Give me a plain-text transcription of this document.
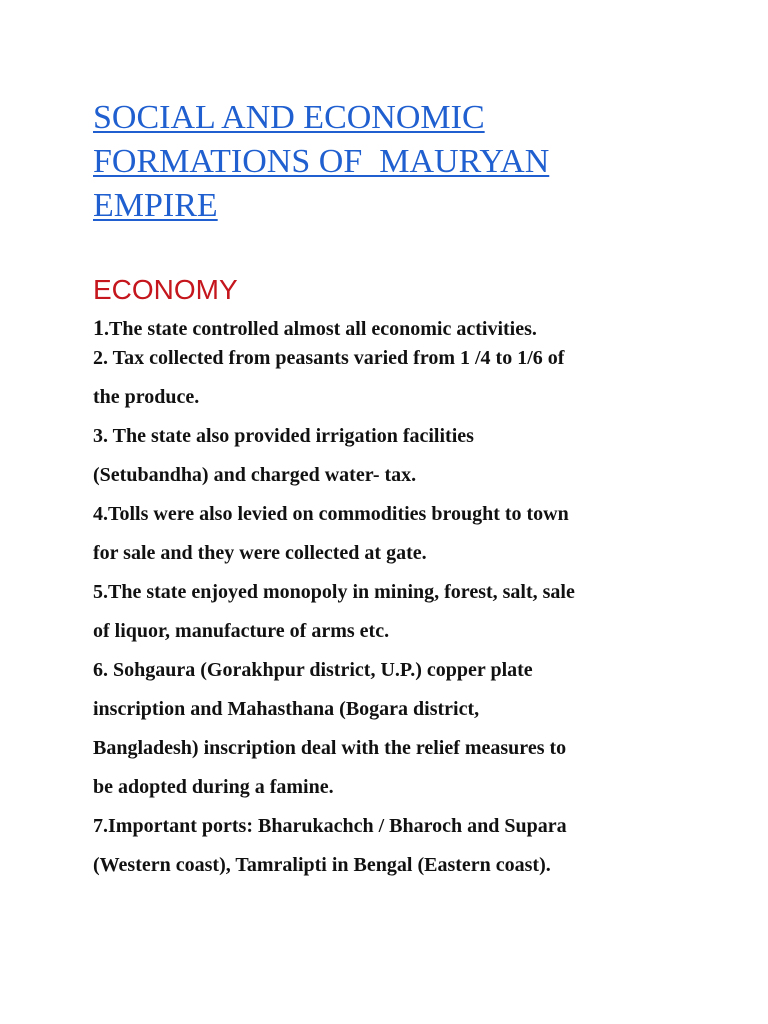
SOCIAL AND ECONOMIC
FORMATIONS OF  MAURYAN
EMPIRE
ECONOMY

1.The state controlled almost all economic activities.

2. Tax collected from peasants varied from 1 /4 to 1/6 of
the produce.

3. The state also provided irrigation facilities
(Setubandha) and charged water- tax.

4.Tolls were also levied on commodities brought to town
for sale and they were collected at gate.

5.The state enjoyed monopoly in mining, forest, salt, sale
of liquor, manufacture of arms etc.

6. Sohgaura (Gorakhpur district, U.P.) copper plate
inscription and Mahasthana (Bogara district,
Bangladesh) inscription deal with the relief measures to
be adopted during a famine.

7.Important ports: Bharukachch / Bharoch and Supara
(Western coast), Tamralipti in Bengal (Eastern coast).
